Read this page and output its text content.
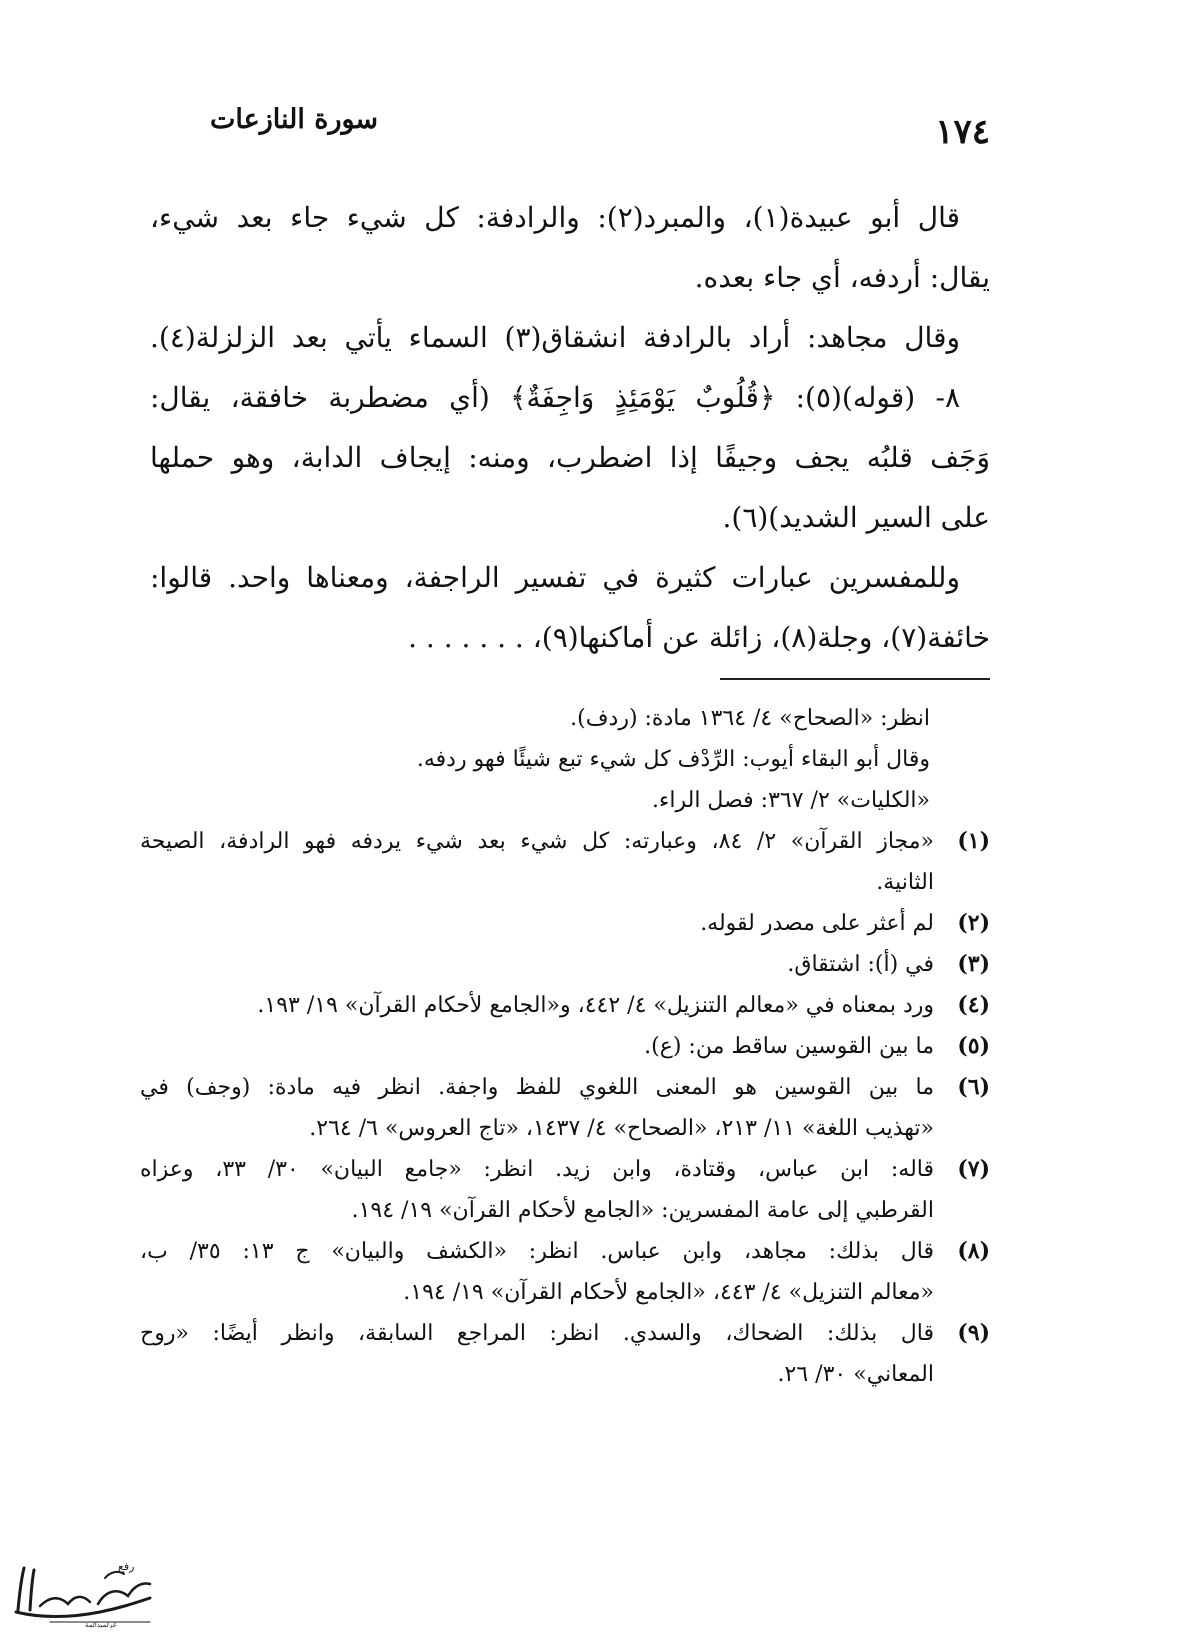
١٧٤
سورة النازعات
قال أبو عبيدة(١)، والمبرد(٢): والرادفة: كل شيء جاء بعد شيء،
يقال: أردفه، أي جاء بعده.
وقال مجاهد: أراد بالرادفة انشقاق(٣) السماء يأتي بعد الزلزلة(٤).
٨- (قوله)(٥): ﴿قُلُوبٌ يَوْمَئِذٍ وَاجِفَةٌ﴾ (أي مضطربة خافقة، يقال:
وَجَف قلبُه يجف وجيفًا إذا اضطرب، ومنه: إيجاف الدابة، وهو حملها
على السير الشديد)(٦).
وللمفسرين عبارات كثيرة في تفسير الراجفة، ومعناها واحد. قالوا:
خائفة(٧)، وجلة(٨)، زائلة عن أماكنها(٩)، . . . . . . .
انظر: «الصحاح» ٤/ ١٣٦٤ مادة: (ردف).
وقال أبو البقاء أيوب: الرِّدْف كل شيء تبع شيئًا فهو ردفه.
«الكليات» ٢/ ٣٦٧: فصل الراء.
(١)
«مجاز القرآن» ٢/ ٨٤، وعبارته: كل شيء بعد شيء يردفه فهو الرادفة، الصيحة
الثانية.
(٢)
لم أعثر على مصدر لقوله.
(٣)
في (أ): اشتقاق.
(٤)
ورد بمعناه في «معالم التنزيل» ٤/ ٤٤٢، و«الجامع لأحكام القرآن» ١٩/ ١٩٣.
(٥)
ما بين القوسين ساقط من: (ع).
(٦)
ما بين القوسين هو المعنى اللغوي للفظ واجفة. انظر فيه مادة: (وجف) في
«تهذيب اللغة» ١١/ ٢١٣، «الصحاح» ٤/ ١٤٣٧، «تاج العروس» ٦/ ٢٦٤.
(٧)
قاله: ابن عباس، وقتادة، وابن زيد. انظر: «جامع البيان» ٣٠/ ٣٣، وعزاه
القرطبي إلى عامة المفسرين: «الجامع لأحكام القرآن» ١٩/ ١٩٤.
(٨)
قال بذلك: مجاهد، وابن عباس. انظر: «الكشف والبيان» ج ١٣: ٣٥/ ب،
«معالم التنزيل» ٤/ ٤٤٣، «الجامع لأحكام القرآن» ١٩/ ١٩٤.
(٩)
قال بذلك: الضحاك، والسدي. انظر: المراجع السابقة، وانظر أيضًا: «روح
المعاني» ٣٠/ ٢٦.
رفع
غرلمبدالمة
